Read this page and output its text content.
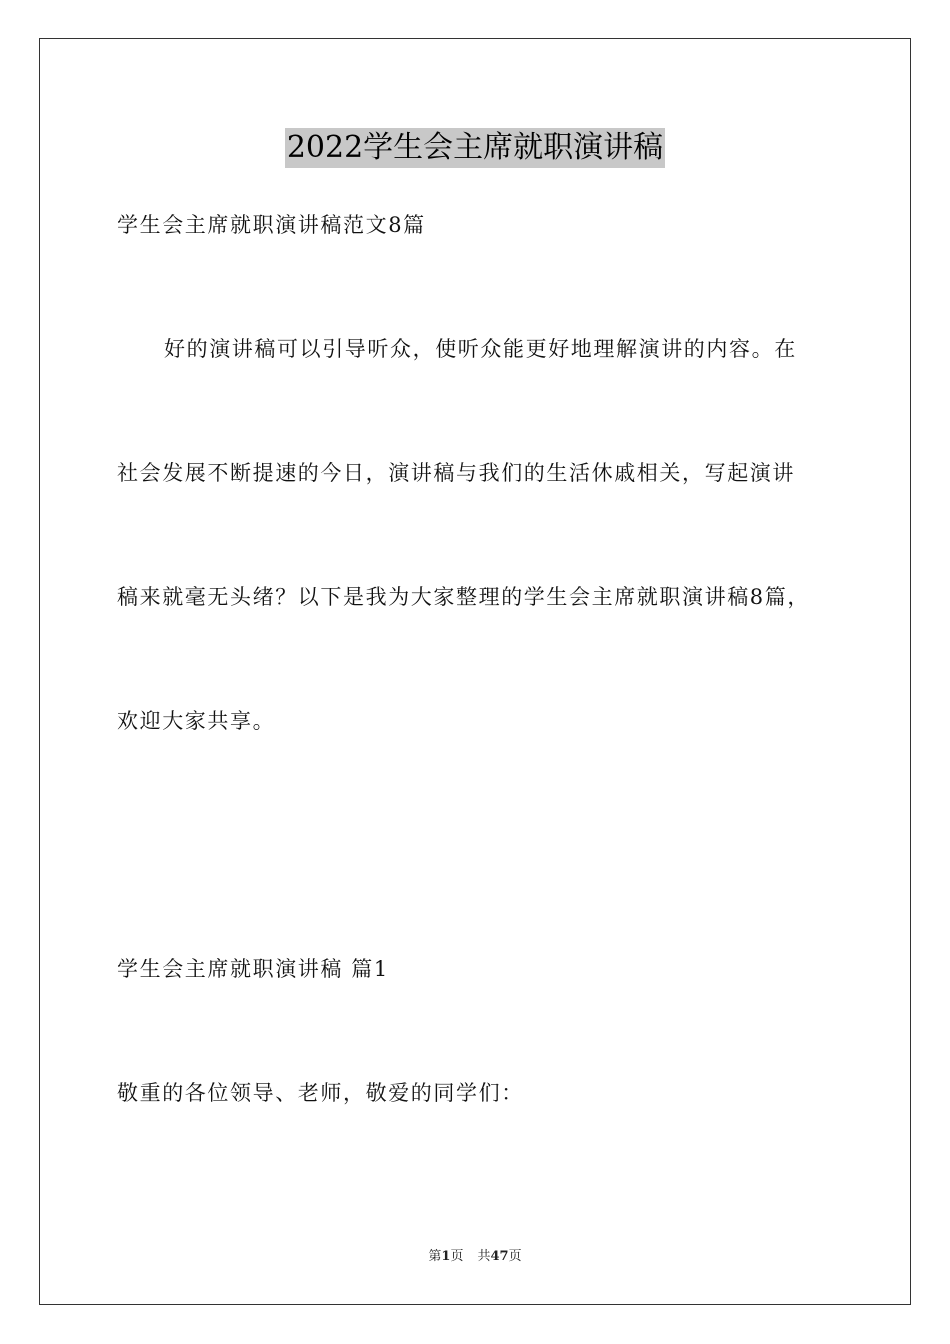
2022学生会主席就职演讲稿
学生会主席就职演讲稿范文8篇
好的演讲稿可以引导听众，使听众能更好地理解演讲的内容。在
社会发展不断提速的今日，演讲稿与我们的生活休戚相关，写起演讲
稿来就毫无头绪？以下是我为大家整理的学生会主席就职演讲稿8篇，
欢迎大家共享。
学生会主席就职演讲稿 篇1
敬重的各位领导、老师，敬爱的同学们：
第1页 共47页
